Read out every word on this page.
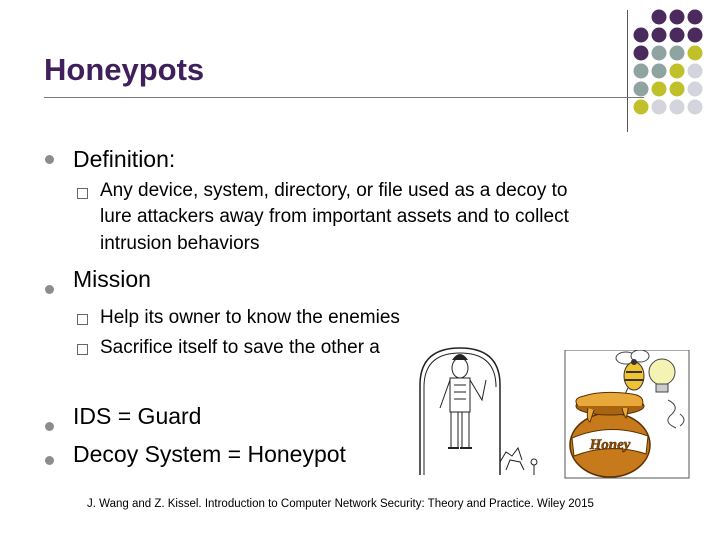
Honeypots
Definition:
Any device, system, directory, or file used as a decoy to
lure attackers away from important assets and to collect
intrusion behaviors
Mission
Help its owner to know the enemies
Sacrifice itself to save the other a
IDS = Guard
Decoy System = Honeypot	Honey
J. Wang and Z. Kissel. Introduction to Computer Network Security: Theory and Practice. Wiley 2015
